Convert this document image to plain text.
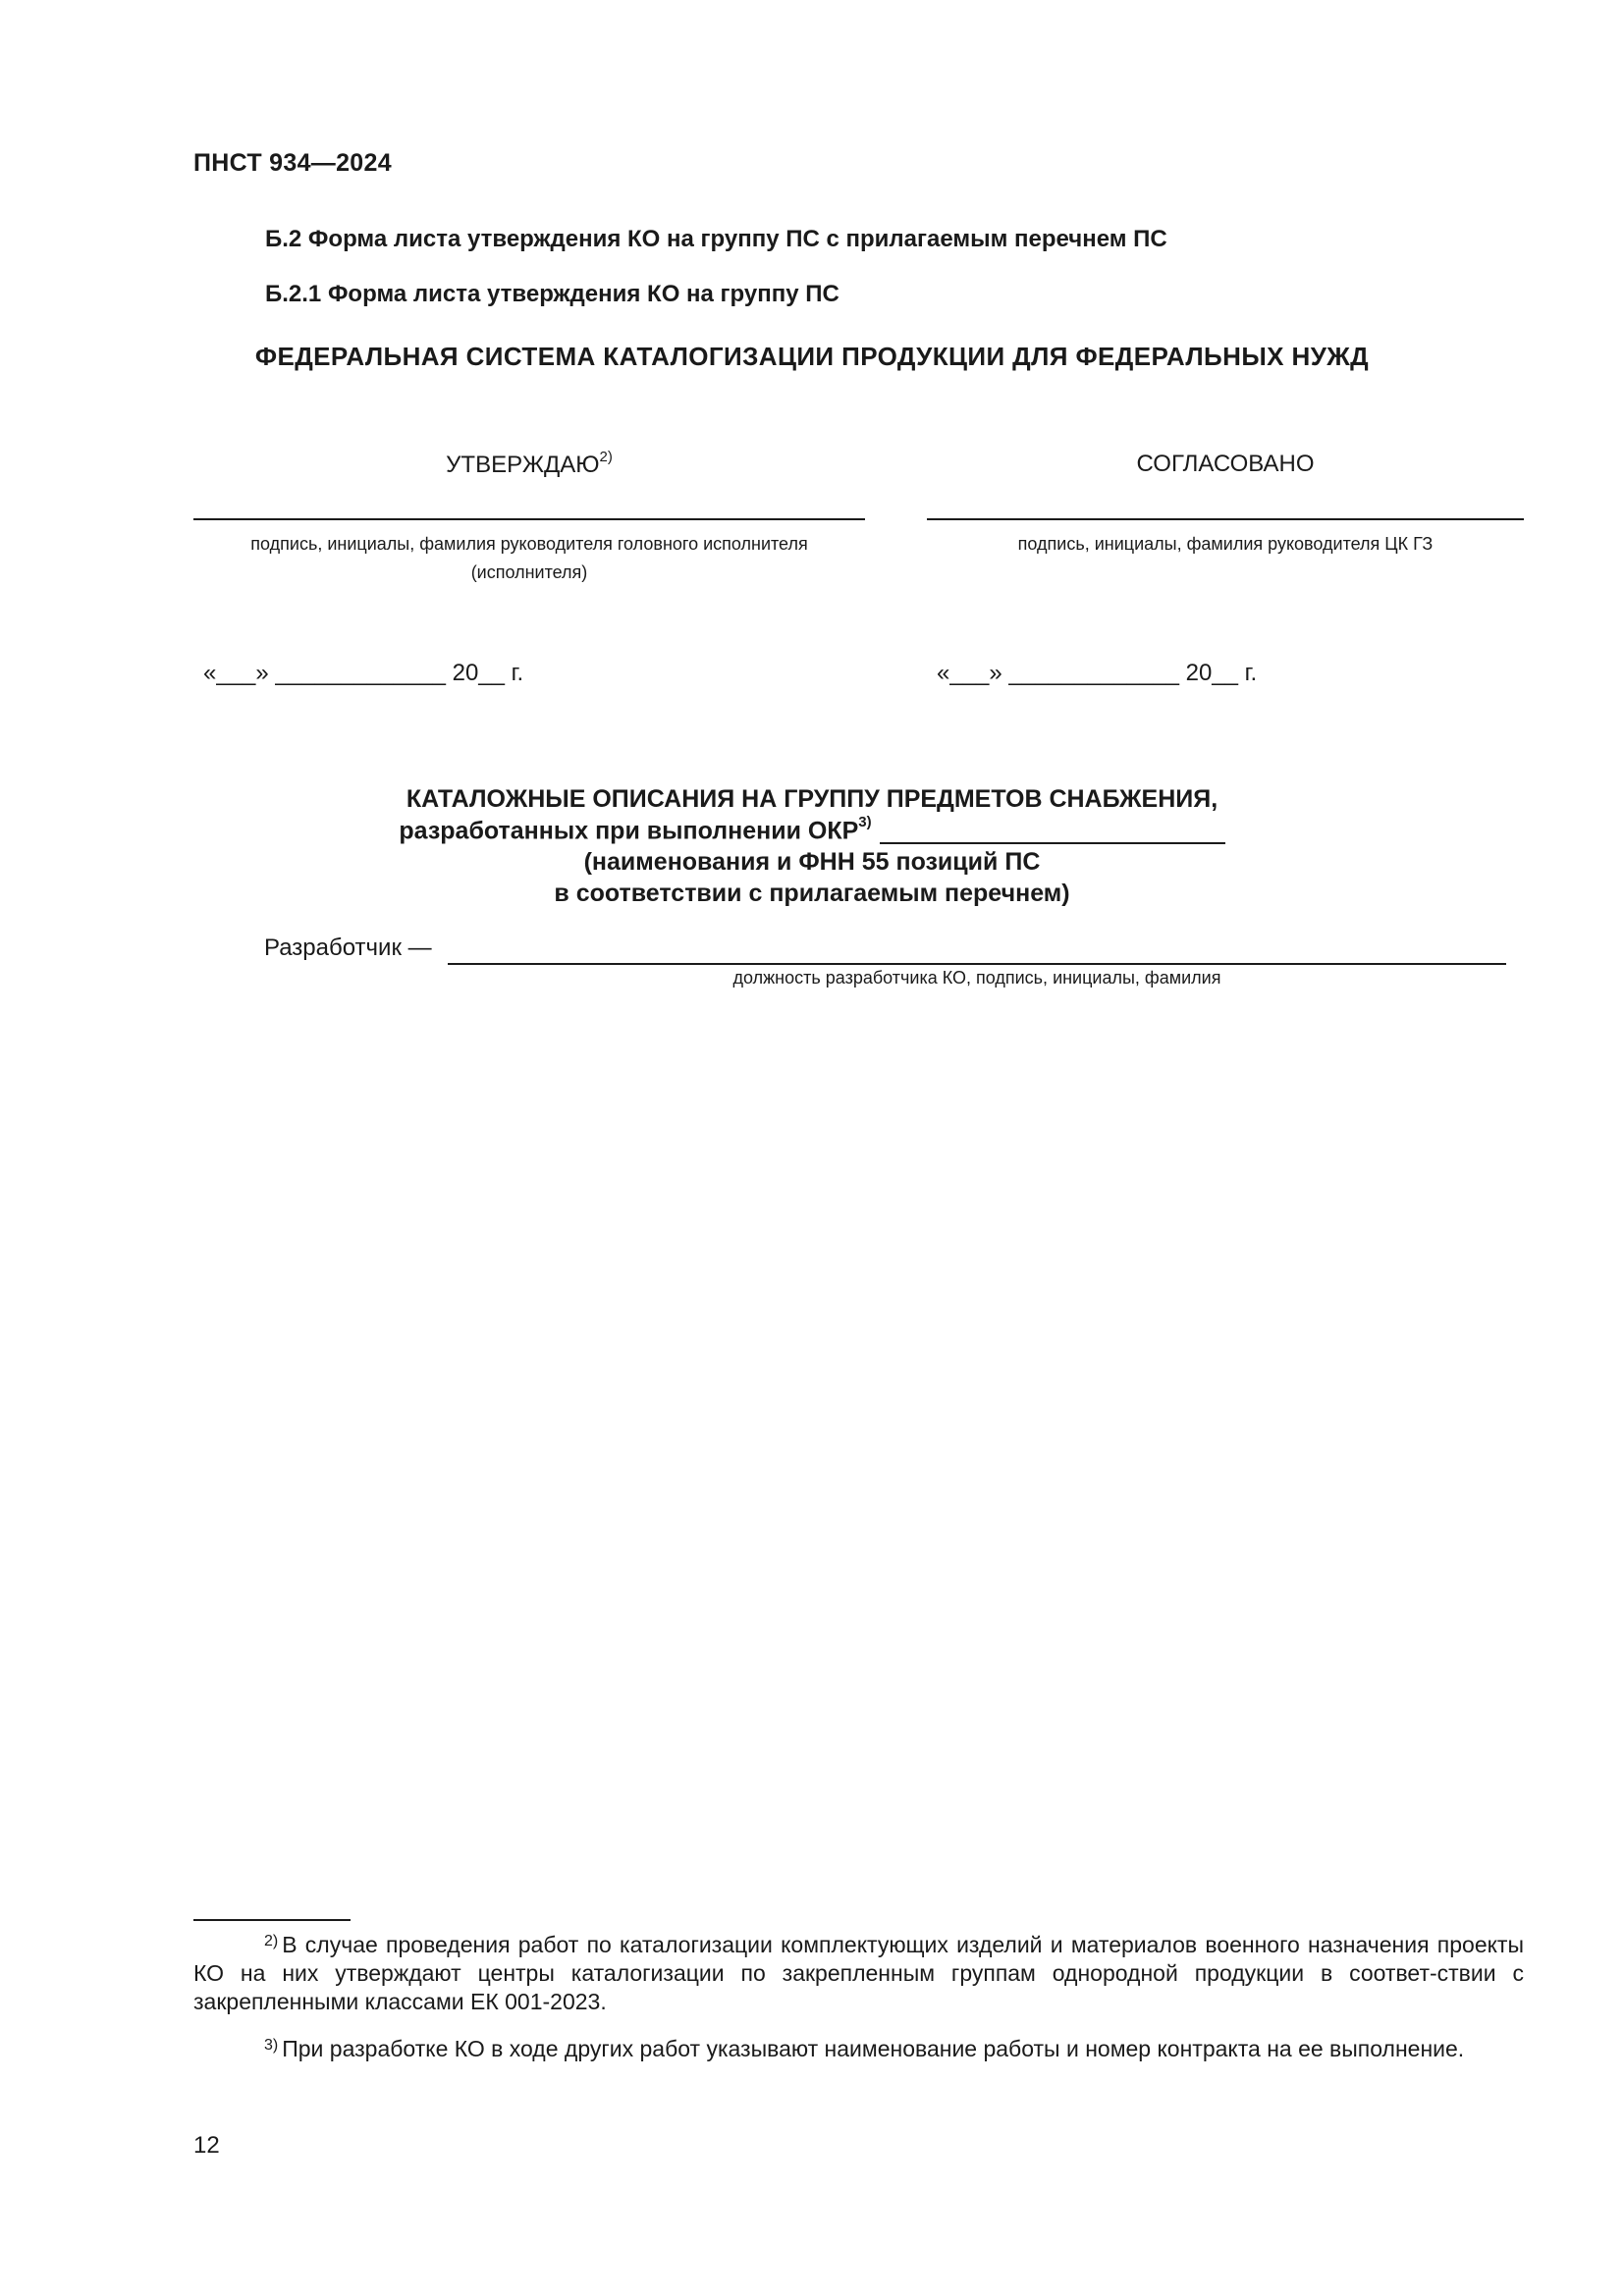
ПНСТ 934—2024
Б.2 Форма листа утверждения КО на группу ПС с прилагаемым перечнем ПС
Б.2.1 Форма листа утверждения КО на группу ПС
ФЕДЕРАЛЬНАЯ СИСТЕМА КАТАЛОГИЗАЦИИ ПРОДУКЦИИ ДЛЯ ФЕДЕРАЛЬНЫХ НУЖД
УТВЕРЖДАЮ$^{2)}$
подпись, инициалы, фамилия руководителя головного исполнителя
(исполнителя)
«___» _____________ 20__ г.
СОГЛАСОВАНО
подпись, инициалы, фамилия руководителя ЦК ГЗ
«___» _____________ 20__ г.
КАТАЛОЖНЫЕ ОПИСАНИЯ НА ГРУППУ ПРЕДМЕТОВ СНАБЖЕНИЯ,
разработанных при выполнении ОКР$^{3)}$
(наименования и ФНН 55 позиций ПС
в соответствии с прилагаемым перечнем)
Разработчик —
должность разработчика КО, подпись, инициалы, фамилия
$^{2)}$ В случае проведения работ по каталогизации комплектующих изделий и материалов военного назначения проекты КО на них утверждают центры каталогизации по закрепленным группам однородной продукции в соответ-ствии с закрепленными классами ЕК 001-2023.
$^{3)}$ При разработке КО в ходе других работ указывают наименование работы и номер контракта на ее выполнение.
12
